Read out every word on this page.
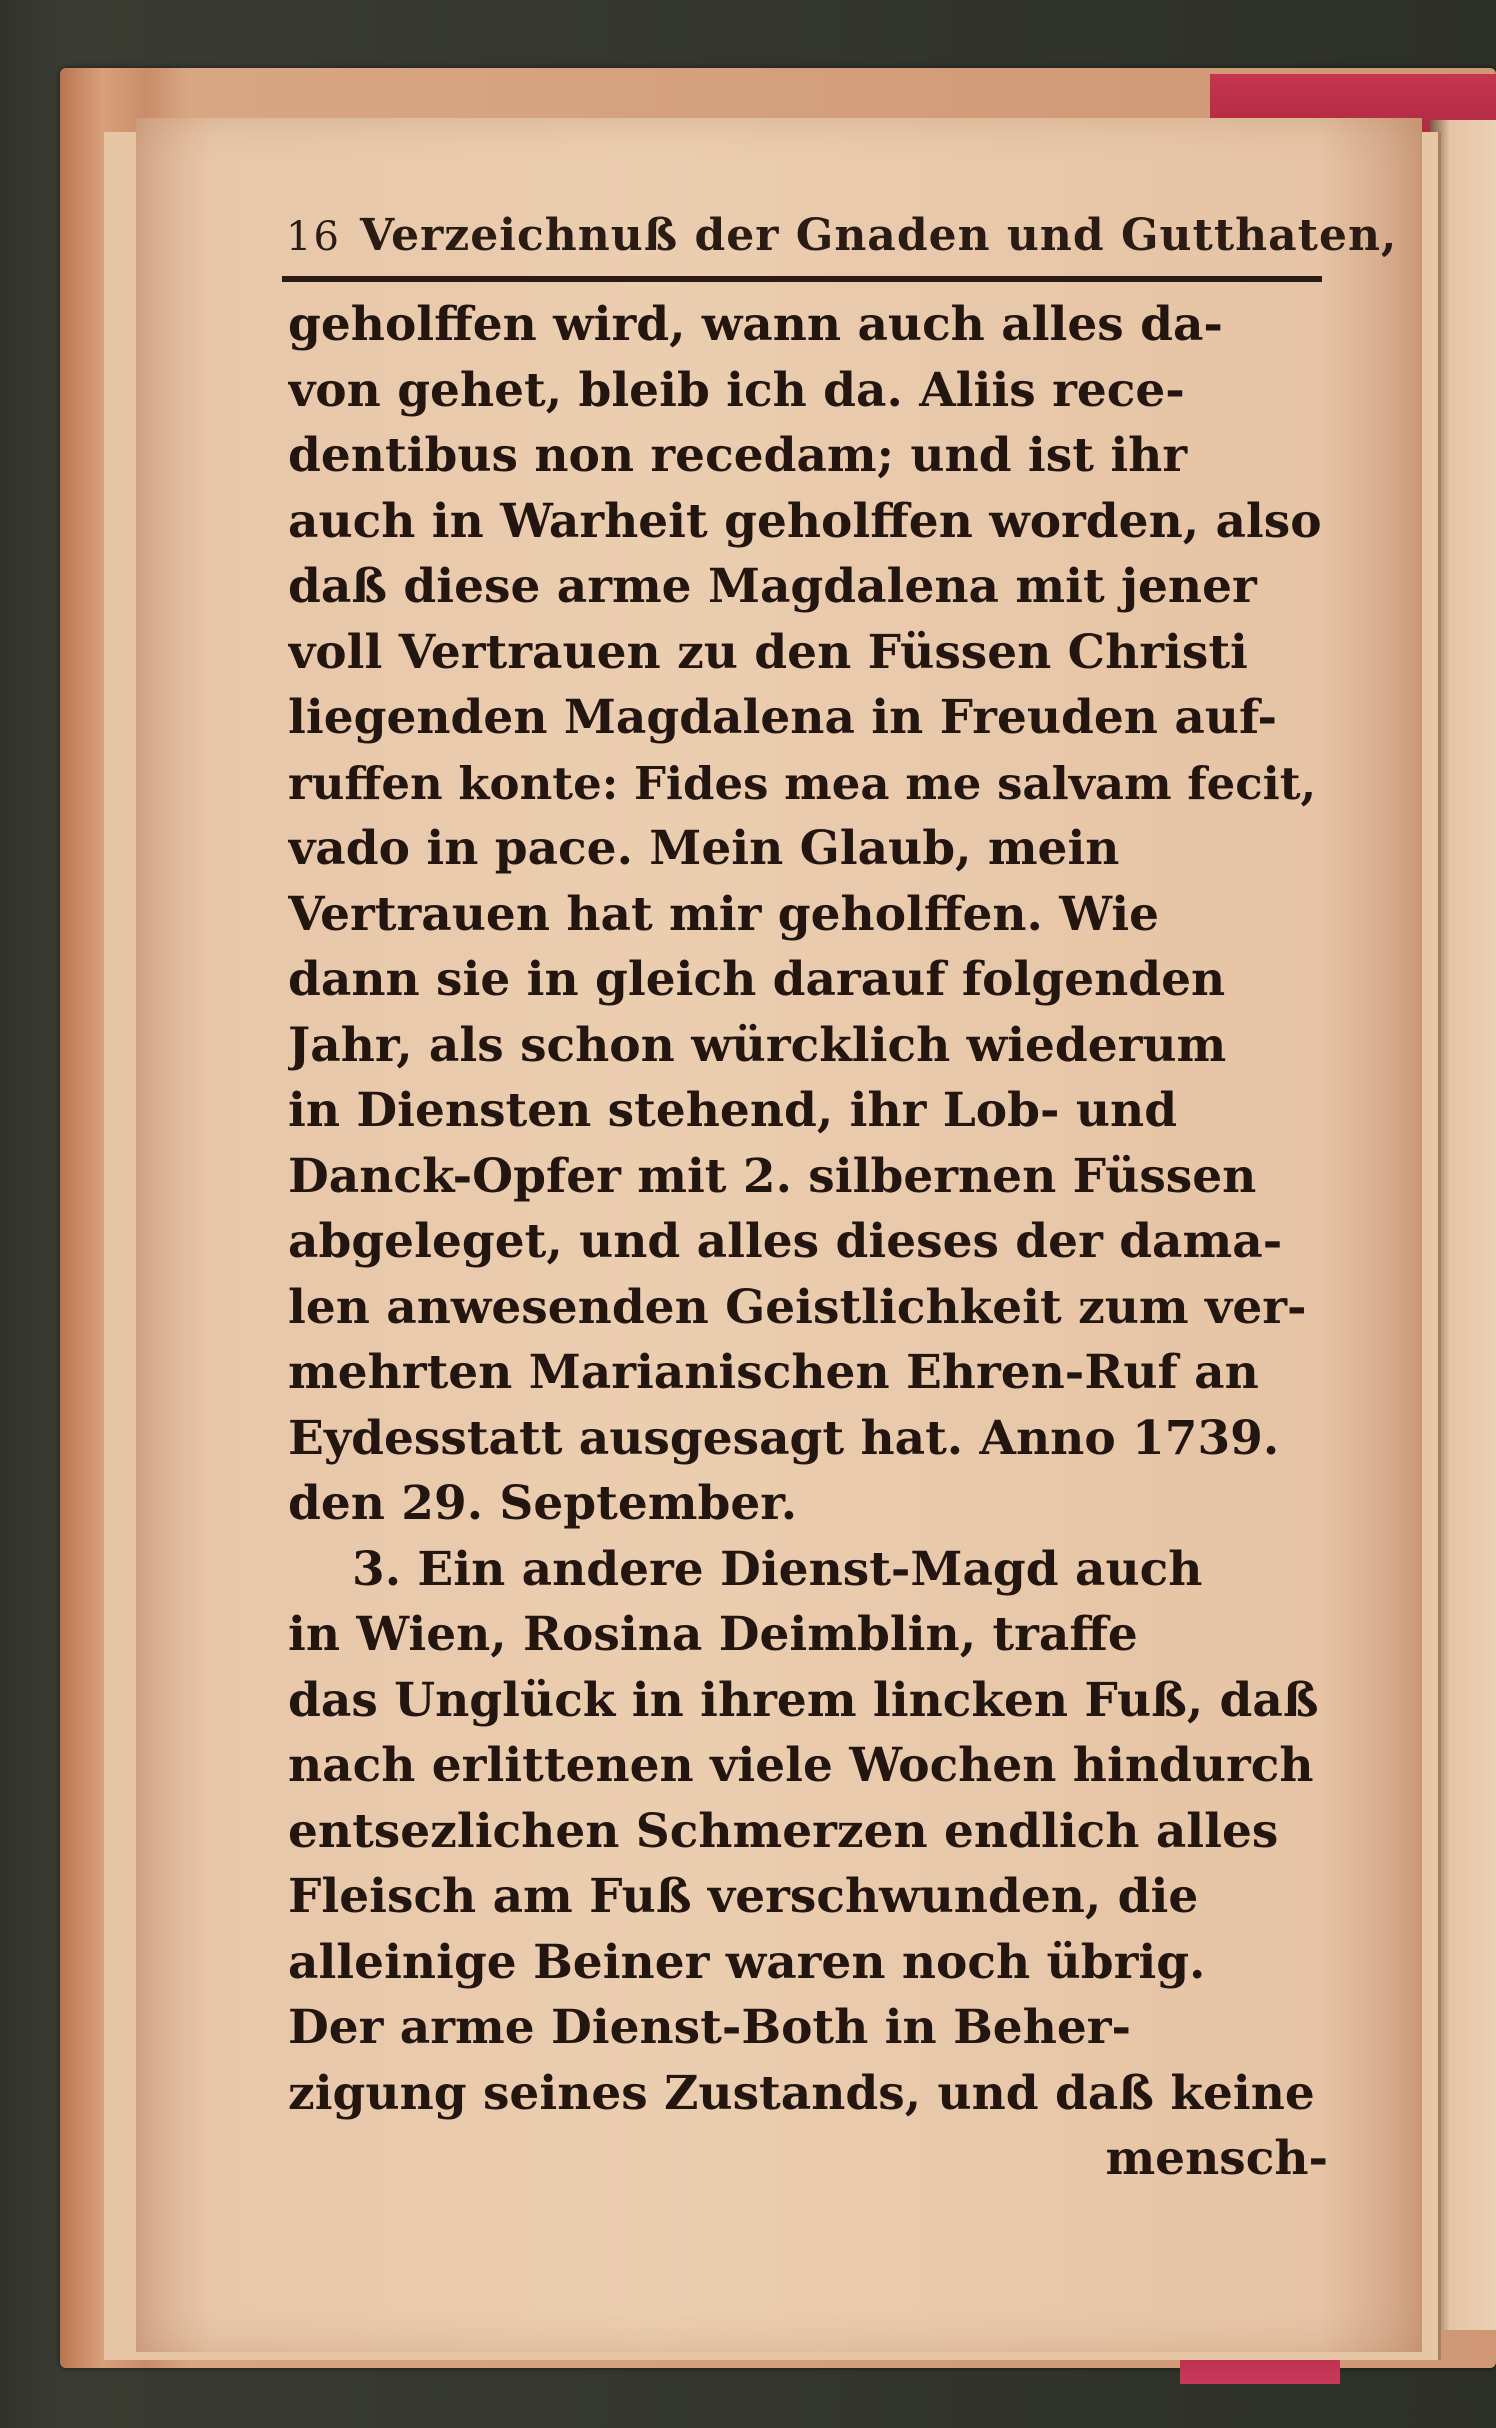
16 Verzeichnuß der Gnaden und Gutthaten,
geholffen wird, wann auch alles da-
von gehet, bleib ich da. Aliis rece-
dentibus non recedam; und ist ihr
auch in Warheit geholffen worden, also
daß diese arme Magdalena mit jener
voll Vertrauen zu den Füssen Christi
liegenden Magdalena in Freuden auf-
ruffen konte: Fides mea me salvam fecit,
vado in pace. Mein Glaub, mein
Vertrauen hat mir geholffen. Wie
dann sie in gleich darauf folgenden
Jahr, als schon würcklich wiederum
in Diensten stehend, ihr Lob- und
Danck-Opfer mit 2. silbernen Füssen
abgeleget, und alles dieses der dama-
len anwesenden Geistlichkeit zum ver-
mehrten Marianischen Ehren-Ruf an
Eydesstatt ausgesagt hat. Anno 1739.
den 29. September.
3. Ein andere Dienst-Magd auch
in Wien, Rosina Deimblin, traffe
das Unglück in ihrem lincken Fuß, daß
nach erlittenen viele Wochen hindurch
entsezlichen Schmerzen endlich alles
Fleisch am Fuß verschwunden, die
alleinige Beiner waren noch übrig.
Der arme Dienst-Both in Beher-
zigung seines Zustands, und daß keine
mensch-
